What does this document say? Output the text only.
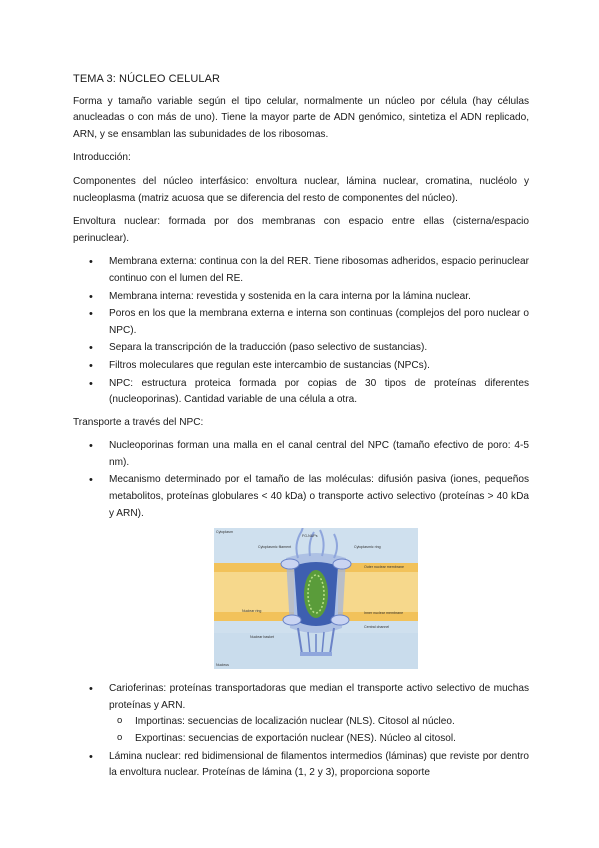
TEMA 3: NÚCLEO CELULAR

Forma y tamaño variable según el tipo celular, normalmente un núcleo por célula (hay células anucleadas o con más de uno). Tiene la mayor parte de ADN genómico, sintetiza el ADN replicado, ARN, y se ensamblan las subunidades de los ribosomas.

Introducción:

Componentes del núcleo interfásico: envoltura nuclear, lámina nuclear, cromatina, nucléolo y nucleoplasma (matriz acuosa que se diferencia del resto de componentes del núcleo).

Envoltura nuclear: formada por dos membranas con espacio entre ellas (cisterna/espacio perinuclear).

• Membrana externa: continua con la del RER. Tiene ribosomas adheridos, espacio perinuclear continuo con el lumen del RE.
• Membrana interna: revestida y sostenida en la cara interna por la lámina nuclear.
• Poros en los que la membrana externa e interna son continuas (complejos del poro nuclear o NPC).
• Separa la transcripción de la traducción (paso selectivo de sustancias).
• Filtros moleculares que regulan este intercambio de sustancias (NPCs).
• NPC: estructura proteica formada por copias de 30 tipos de proteínas diferentes (nucleoporinas). Cantidad variable de una célula a otra.

Transporte a través del NPC:

• Nucleoporinas forman una malla en el canal central del NPC (tamaño efectivo de poro: 4-5 nm).
• Mecanismo determinado por el tamaño de las moléculas: difusión pasiva (iones, pequeños metabolitos, proteínas globulares < 40 kDa) o transporte activo selectivo (proteínas > 40 kDa y ARN).
Cytoplasm
FG-NUPs
Cytoplasmic filament	Cytoplasmic ring
Outer nuclear membrane
Nuclear ring	Inner nuclear membrane
Central channel
Nuclear basket
Nucleus
• Carioferinas: proteínas transportadoras que median el transporte activo selectivo de muchas proteínas y ARN.
o Importinas: secuencias de localización nuclear (NLS). Citosol al núcleo.
o Exportinas: secuencias de exportación nuclear (NES). Núcleo al citosol.
• Lámina nuclear: red bidimensional de filamentos intermedios (láminas) que reviste por dentro la envoltura nuclear. Proteínas de lámina (1, 2 y 3), proporciona soporte
